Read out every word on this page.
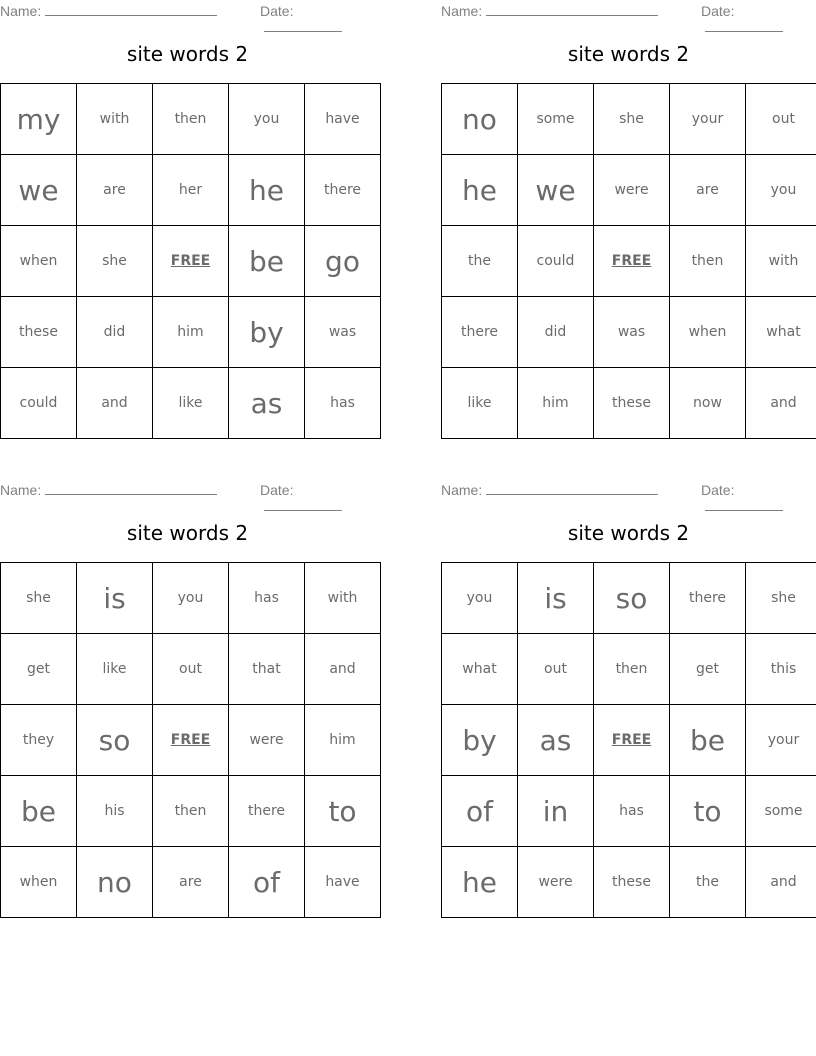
Name:	Date:
site words 2
my	with	then	you	have
we	are	her	he	there
when	she	FREE	be	go
these	did	him	by	was
could	and	like	as	has
Name:	Date:
site words 2
no	some	she	your	out
he	we	were	are	you
the	could	FREE	then	with
there	did	was	when	what
like	him	these	now	and
Name:	Date:
site words 2
she	is	you	has	with
get	like	out	that	and
they	so	FREE	were	him
be	his	then	there	to
when	no	are	of	have
Name:	Date:
site words 2
you	is	so	there	she
what	out	then	get	this
by	as	FREE	be	your
of	in	has	to	some
he	were	these	the	and
